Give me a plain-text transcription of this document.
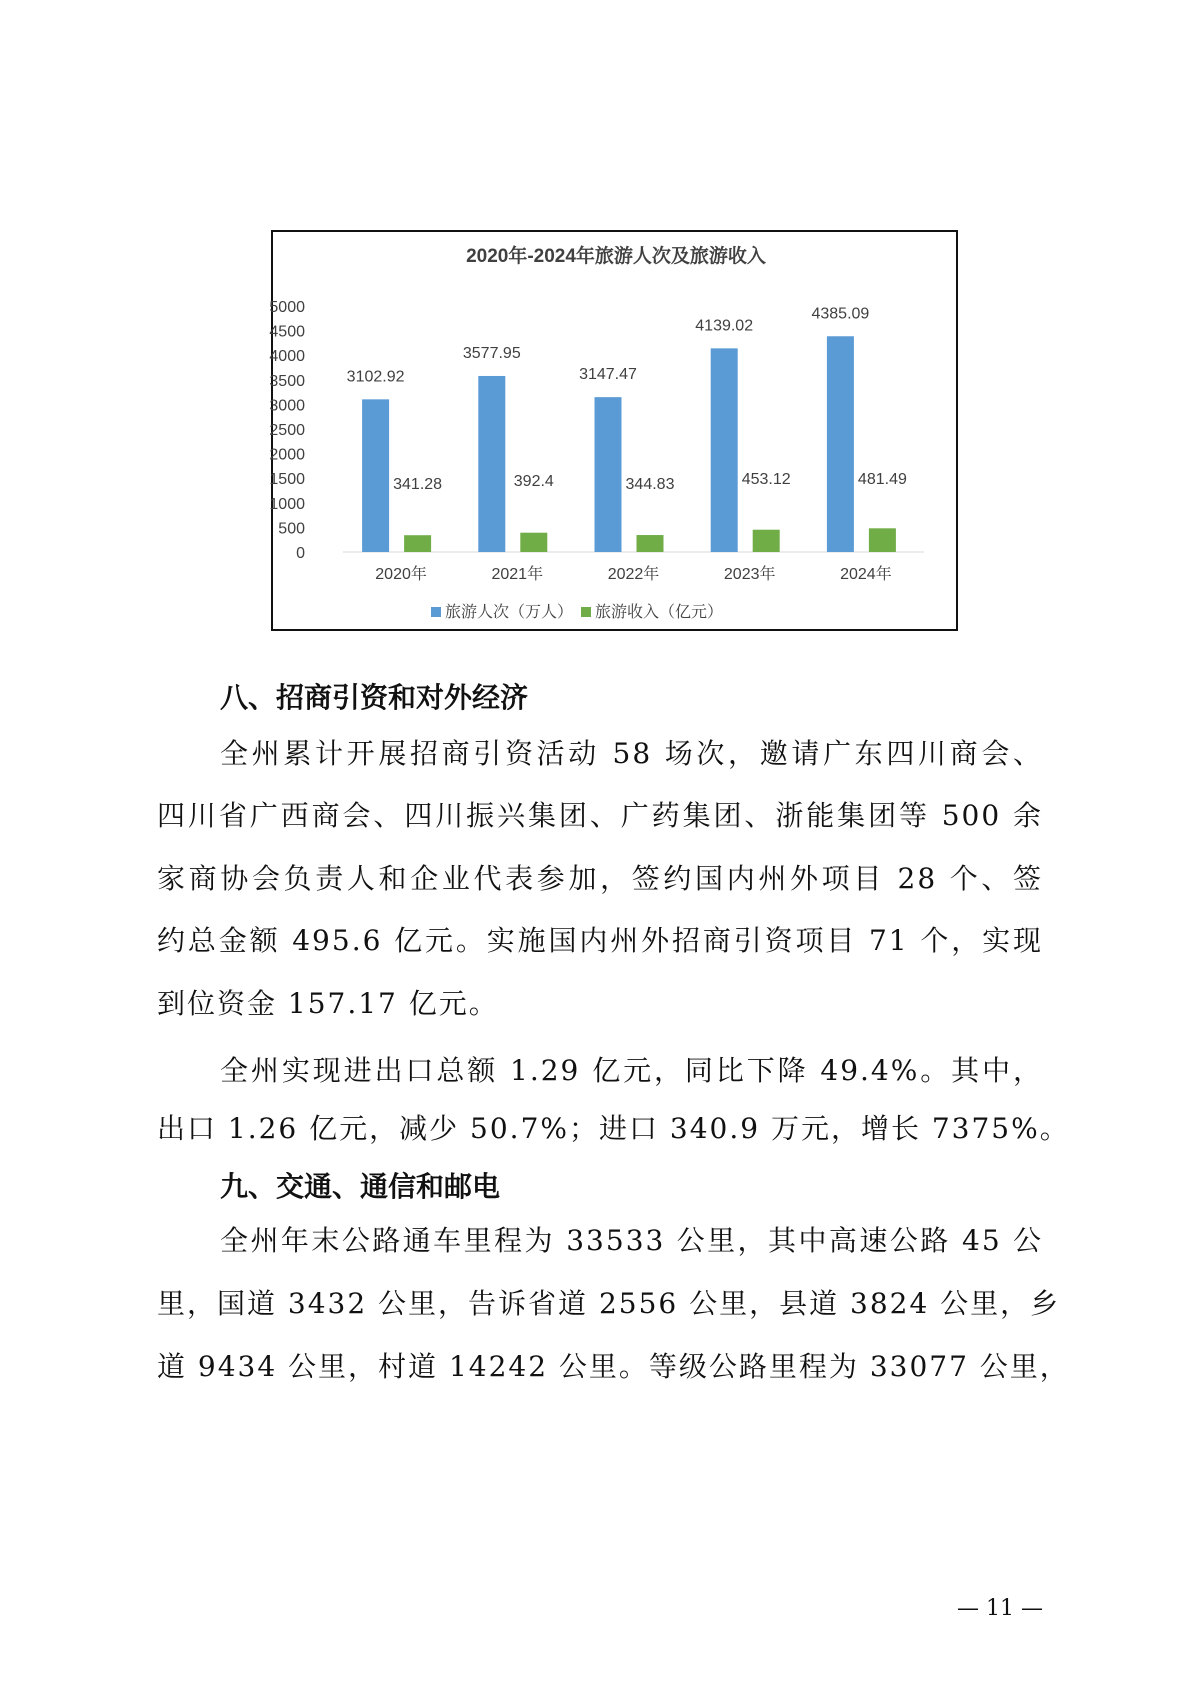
2020年-2024年旅游人次及旅游收入
0
500
1000
1500
2000
2500
3000
3500
4000
4500
5000
2020年
3102.92
341.28
2021年
3577.95
392.4
2022年
3147.47
344.83
2023年
4139.02
453.12
2024年
4385.09
481.49
旅游人次（万人） 旅游收入（亿元）
八、招商引资和对外经济
全州累计开展招商引资活动 58 场次，邀请广东四川商会、
四川省广西商会、四川振兴集团、广药集团、浙能集团等 500 余
家商协会负责人和企业代表参加，签约国内州外项目 28 个、签
约总金额 495.6 亿元。实施国内州外招商引资项目 71 个，实现
到位资金 157.17 亿元。
全州实现进出口总额 1.29 亿元，同比下降 49.4%。其中，
出口 1.26 亿元，减少 50.7%；进口 340.9 万元，增长 7375%。
九、交通、通信和邮电
全州年末公路通车里程为 33533 公里，其中高速公路 45 公
里，国道 3432 公里，告诉省道 2556 公里，县道 3824 公里，乡
道 9434 公里，村道 14242 公里。等级公路里程为 33077 公里，
— 11 —
